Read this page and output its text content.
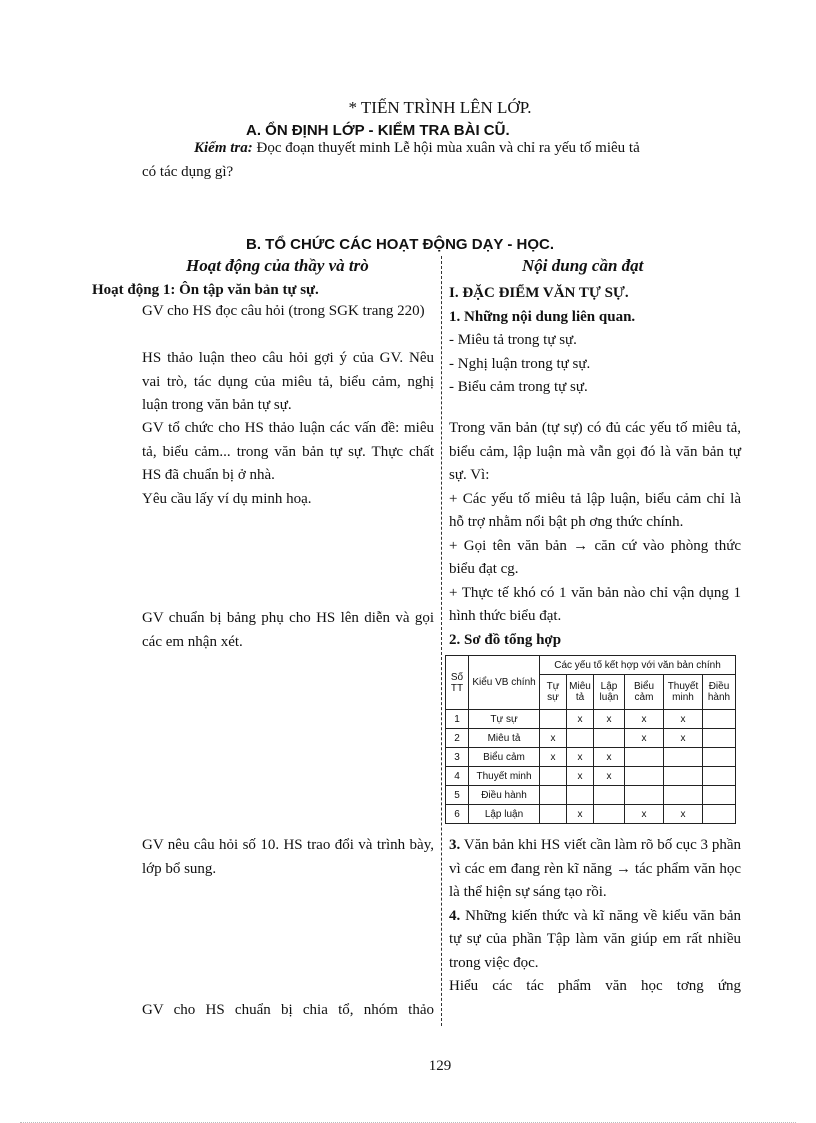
* TIẾN TRÌNH LÊN LỚP.
A. ỔN ĐỊNH LỚP - KIỂM TRA BÀI CŨ.
Kiểm tra: Đọc đoạn thuyết minh Lễ hội mùa xuân và chỉ ra yếu tố miêu tả
có tác dụng gì?
B. TỔ CHỨC CÁC HOẠT ĐỘNG DẠY - HỌC.
Hoạt động của thầy và trò	Nội dung cần đạt
Hoạt động 1: Ôn tập văn bản tự sự.

GV cho HS đọc câu hỏi (trong SGK trang 220)

HS thảo luận theo câu hỏi gợi ý của GV. Nêu vai trò, tác dụng của miêu tả, biểu cảm, nghị luận trong văn bản tự sự.

GV tổ chức cho HS thảo luận các vấn đề: miêu tả, biểu cảm... trong văn bản tự sự. Thực chất HS đã chuẩn bị ở nhà.

Yêu cầu lấy ví dụ minh hoạ.

GV chuẩn bị bảng phụ cho HS lên diễn và gọi các em nhận xét.

GV nêu câu hỏi số 10. HS trao đổi và trình bày, lớp bổ sung.

GV cho HS chuẩn bị chia tổ, nhóm thảo

I. ĐẶC ĐIỂM VĂN TỰ SỰ.

1. Những nội dung liên quan.

- Miêu tả trong tự sự.

- Nghị luận trong tự sự.

- Biểu cảm trong tự sự.

Trong văn bản (tự sự) có đủ các yếu tố miêu tả, biểu cảm, lập luận mà vẫn gọi đó là văn bản tự sự. Vì:

+ Các yếu tố miêu tả lập luận, biểu cảm chỉ là hỗ trợ nhằm nổi bật ph ơng thức chính.

+ Gọi tên văn bản → căn cứ vào phòng thức biểu đạt cg.

+ Thực tế khó có 1 văn bản nào chỉ vận dụng 1 hình thức biểu đạt.

2. Sơ đồ tổng hợp

Số TT	Kiểu VB chính	Các yếu tố kết hợp với văn bản chính					
		Tự sự	Miêu tả	Lập luận	Biểu cảm	Thuyết minh	Điều hành
1	Tự sự		x	x	x	x	
2	Miêu tả	x			x	x	
3	Biểu cảm	x	x	x			
4	Thuyết minh		x	x			
5	Điều hành						
6	Lập luận		x		x	x	

3. Văn bản khi HS viết cần làm rõ bố cục 3 phần vì các em đang rèn kĩ năng → tác phẩm văn học là thể hiện sự sáng tạo rồi.

4. Những kiến thức và kĩ năng về kiểu văn bản tự sự của phần Tập làm văn giúp em rất nhiều trong việc đọc.

Hiểu các tác phẩm văn học tơng ứng

129
